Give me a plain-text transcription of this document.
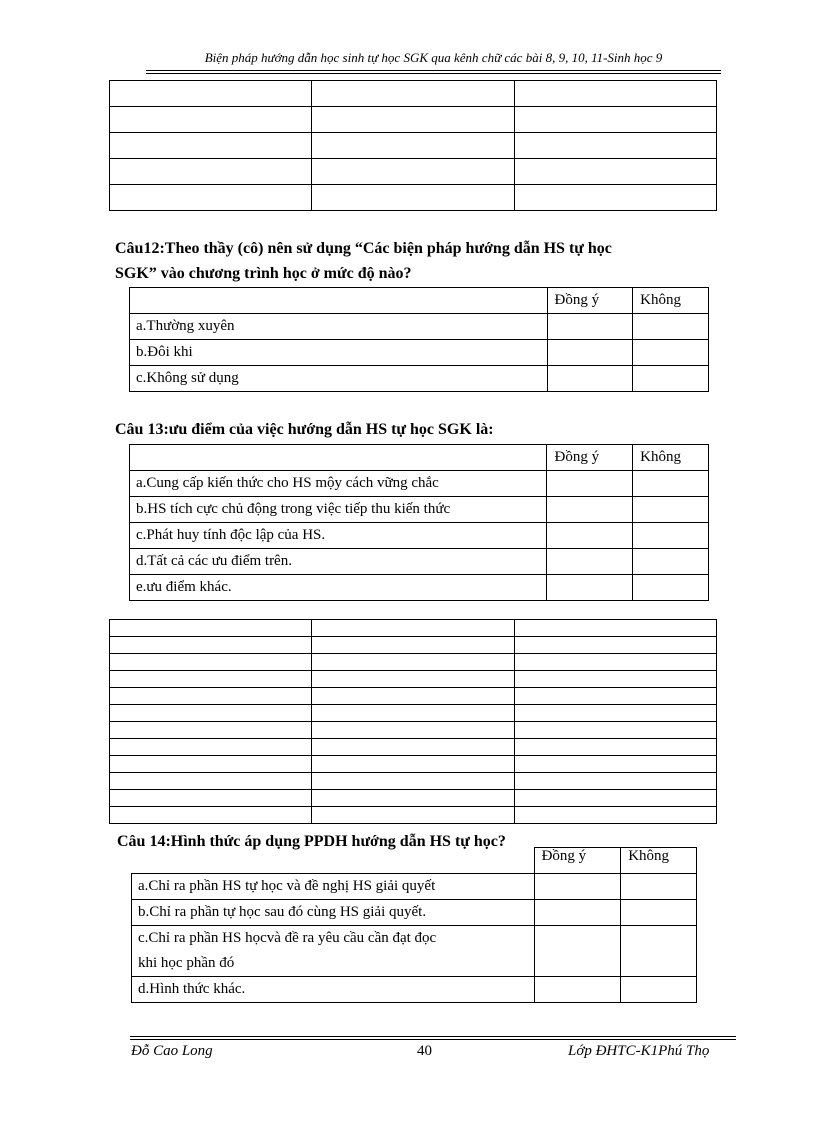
Biện pháp hướng dẫn học sinh tự học SGK qua kênh chữ các bài 8, 9, 10, 11-Sinh học 9

Câu12:Theo thầy (cô) nên sử dụng “Các biện pháp hướng dẫn HS tự học
SGK” vào chương trình học ở mức độ nào?
	Đồng ý	Không
a.Thường xuyên		
b.Đôi khi		
c.Không sử dụng		
Câu 13:ưu điểm của việc hướng dẫn HS tự học SGK là:
	Đồng ý	Không
a.Cung cấp kiến thức cho HS mộy cách vững chắc		
b.HS tích cực chủ động trong việc tiếp thu kiến thức		
c.Phát huy tính độc lập của HS.		
d.Tất cả các ưu điểm trên.		
e.ưu điểm khác.		

Câu 14:Hình thức áp dụng PPDH hướng dẫn HS tự học?
	Đồng ý	Không
a.Chỉ ra phần HS tự học và đề nghị HS giải quyết		
b.Chỉ ra phần tự học sau đó cùng HS giải quyết.		

c.Chỉ ra phần HS họcvà đề ra yêu cầu cần đạt đọc
khi học phần đó		

d.Hình thức khác.		
Đỗ Cao Long	40	Lớp ĐHTC-K1Phú Thọ
